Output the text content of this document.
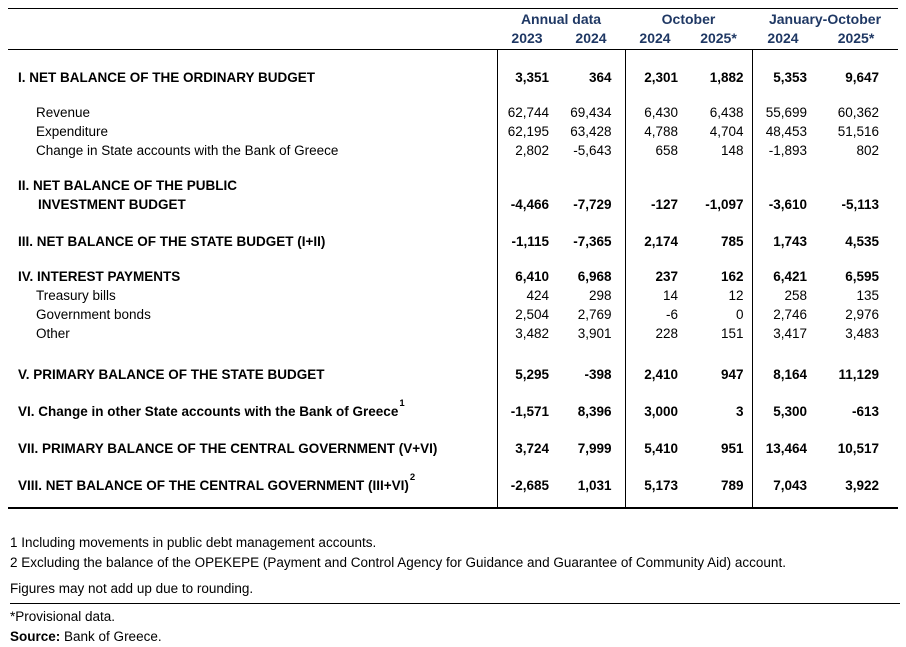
	Annual data		October		January-October	
	2023	2024	2024	2025*	2024	2025*
I. NET BALANCE OF THE ORDINARY BUDGET	3,351	364	2,301	1,882	5,353	9,647
Revenue	62,744	69,434	6,430	6,438	55,699	60,362
Expenditure	62,195	63,428	4,788	4,704	48,453	51,516
Change in State accounts with the Bank of Greece	2,802	-5,643	658	148	-1,893	802
II. NET BALANCE OF THE PUBLIC
INVESTMENT BUDGET	-4,466	-7,729	-127	-1,097	-3,610	-5,113
III. NET BALANCE OF THE STATE BUDGET (I+II)	-1,115	-7,365	2,174	785	1,743	4,535
IV. INTEREST PAYMENTS	6,410	6,968	237	162	6,421	6,595
Treasury bills	424	298	14	12	258	135
Government bonds	2,504	2,769	-6	0	2,746	2,976
Other	3,482	3,901	228	151	3,417	3,483
V. PRIMARY BALANCE OF THE STATE BUDGET	5,295	-398	2,410	947	8,164	11,129
VI. Change in other State accounts with the Bank of Greece$^1$	-1,571	8,396	3,000	3	5,300	-613
VII. PRIMARY BALANCE OF THE CENTRAL GOVERNMENT (V+VI)	3,724	7,999	5,410	951	13,464	10,517
VIII. NET BALANCE OF THE CENTRAL GOVERNMENT (III+VI)$^2$	-2,685	1,031	5,173	789	7,043	3,922
1 Including movements in public debt management accounts.
2 Excluding the balance of the OPEKEPE (Payment and Control Agency for Guidance and Guarantee of Community Aid) account.
Figures may not add up due to rounding.
*Provisional data.
Source: Bank of Greece.
